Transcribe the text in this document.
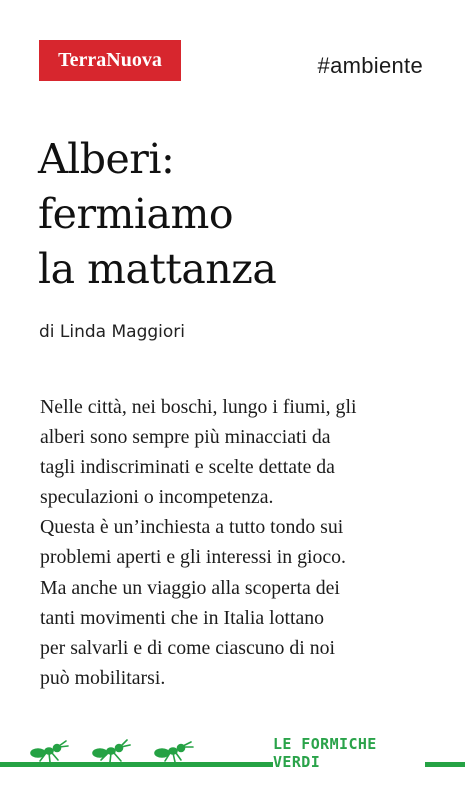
TerraNuova	#ambiente
Alberi:
fermiamo
la mattanza
di Linda Maggiori
Nelle città, nei boschi, lungo i fiumi, gli
alberi sono sempre più minacciati da
tagli indiscriminati e scelte dettate da
speculazioni o incompetenza.
Questa è un’inchiesta a tutto tondo sui
problemi aperti e gli interessi in gioco.
Ma anche un viaggio alla scoperta dei
tanti movimenti che in Italia lottano
per salvarli e di come ciascuno di noi
può mobilitarsi.
LE FORMICHE VERDI
